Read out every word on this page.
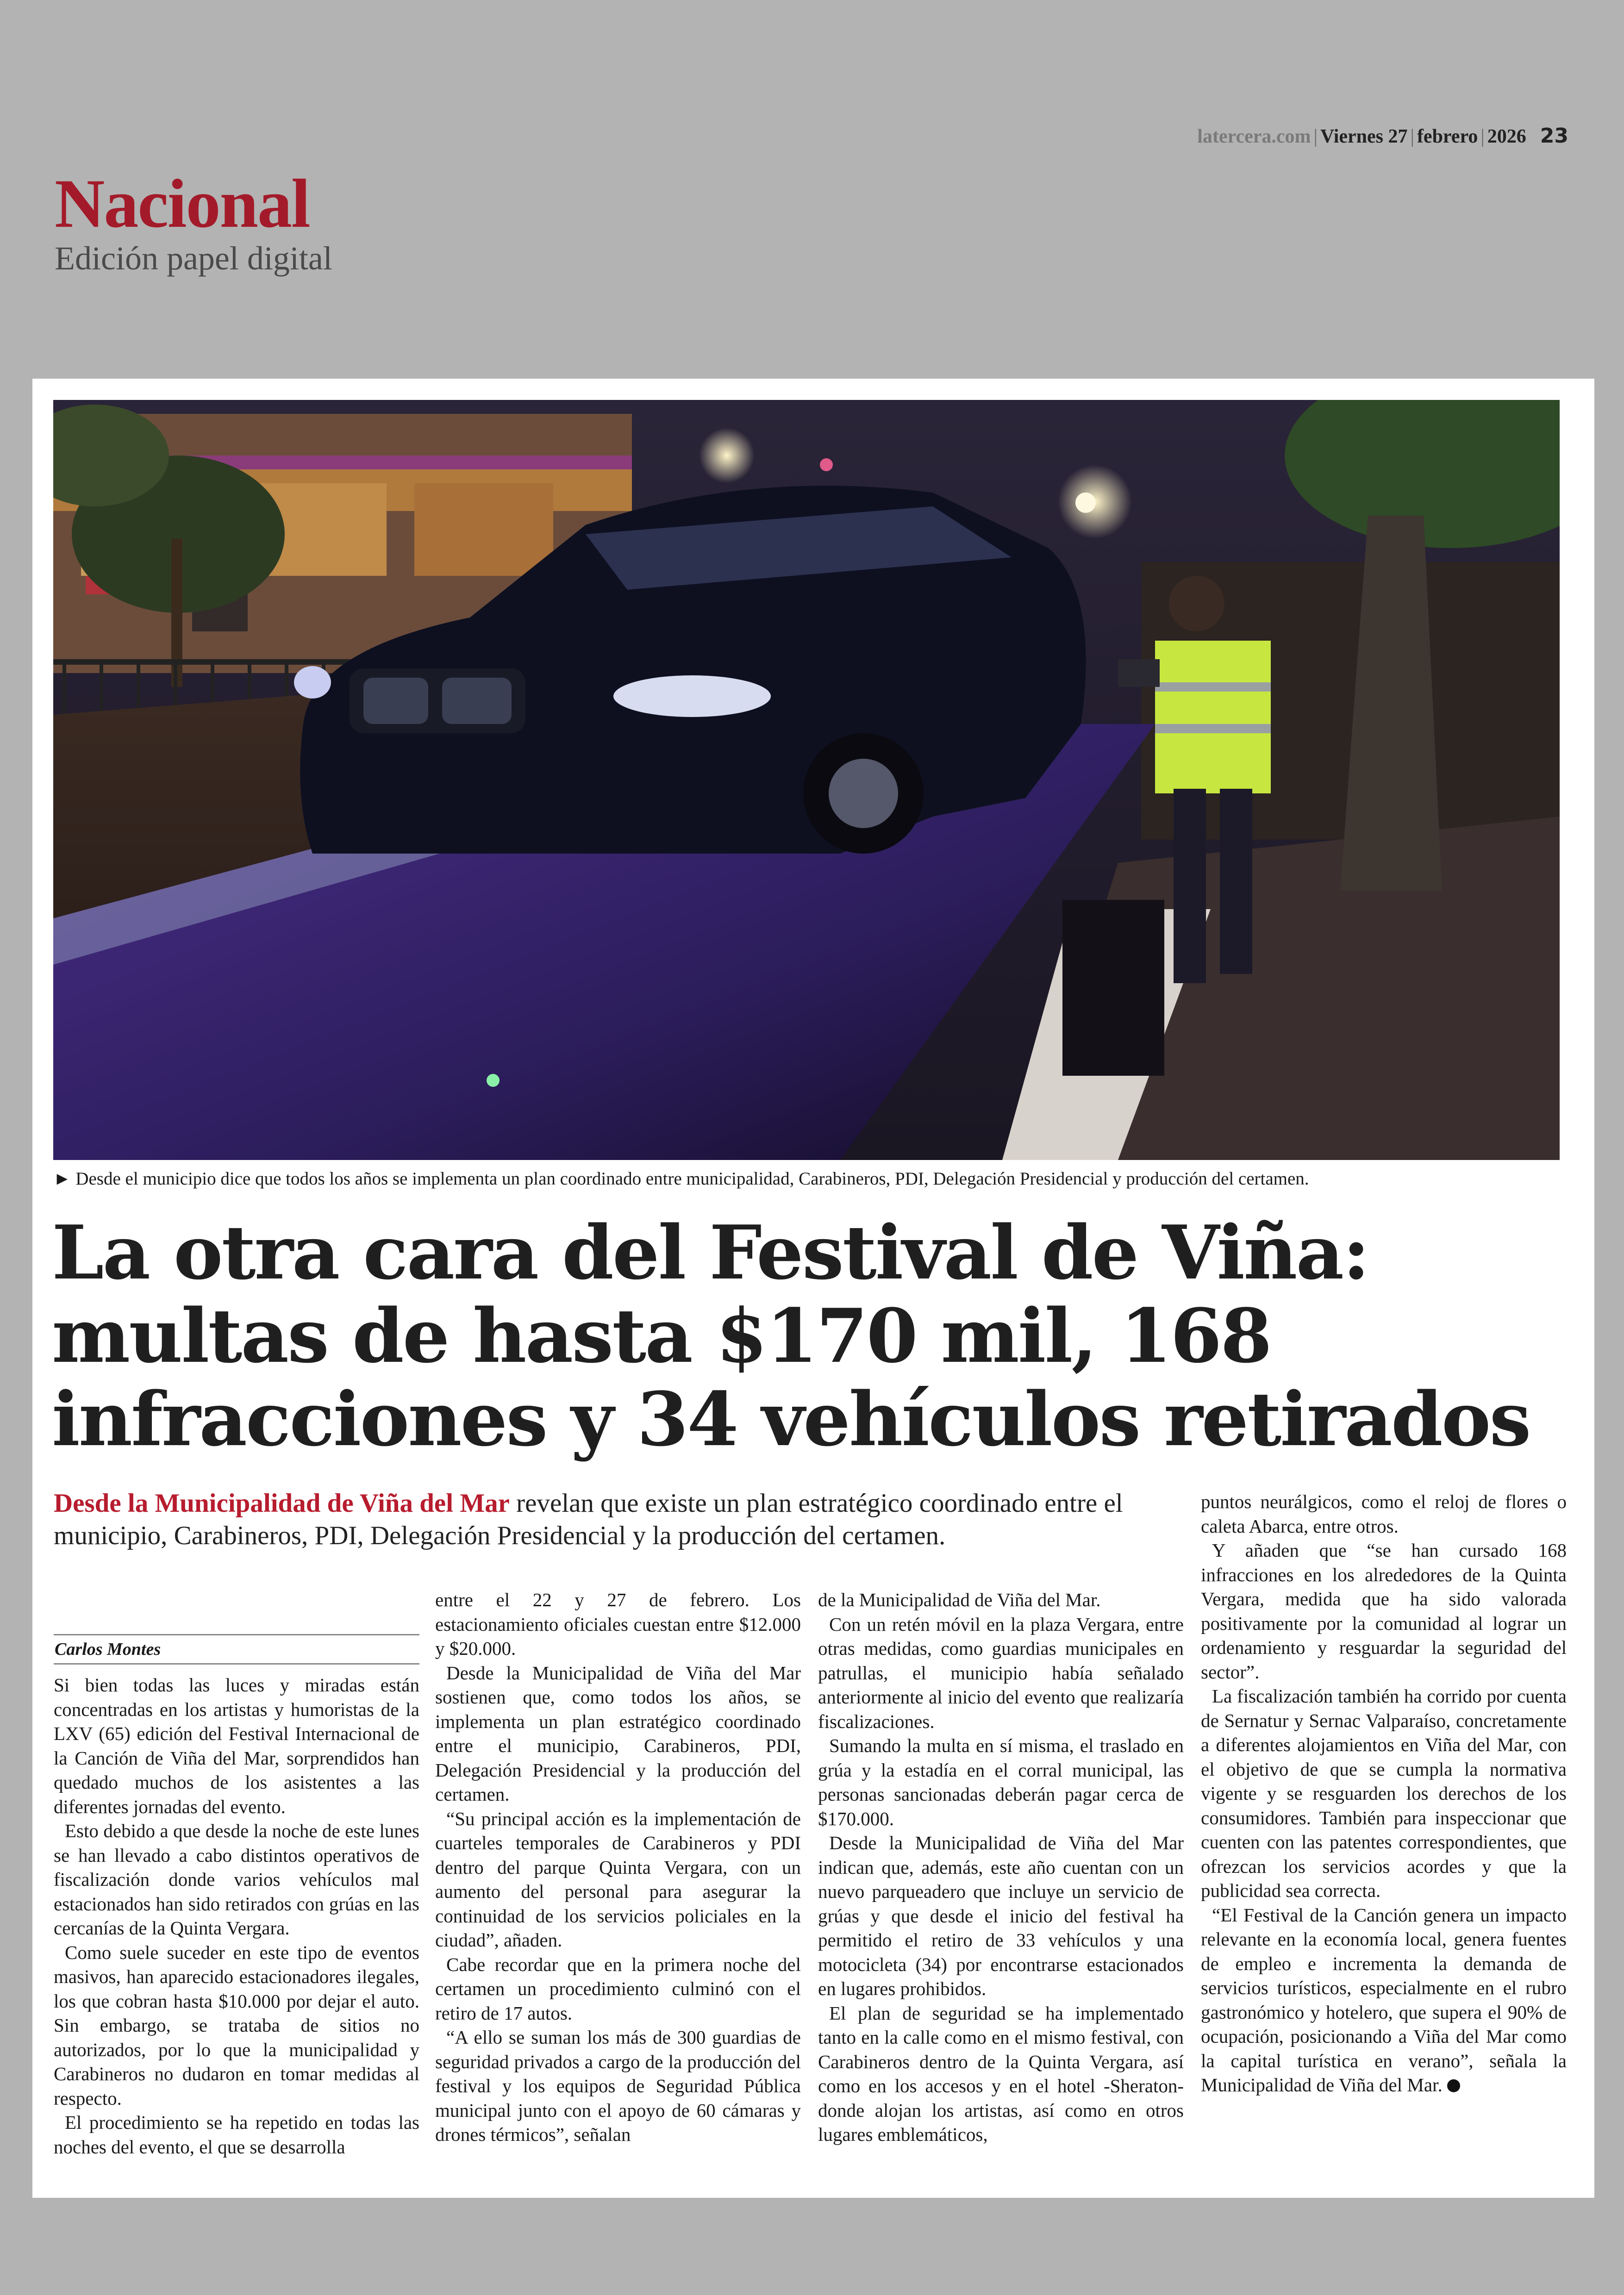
latercera.com | Viernes 27 | febrero | 2026 23
Nacional
Edición papel digital
► Desde el municipio dice que todos los años se implementa un plan coordinado entre municipalidad, Carabineros, PDI, Delegación Presidencial y producción del certamen.
La otra cara del Festival de Viña: multas de hasta $170 mil, 168 infracciones y 34 vehículos retirados
Desde la Municipalidad de Viña del Mar revelan que existe un plan estratégico coordinado entre el municipio, Carabineros, PDI, Delegación Presidencial y la producción del certamen.
Carlos Montes

Si bien todas las luces y miradas están concentradas en los artistas y humoristas de la LXV (65) edición del Festival Internacional de la Canción de Viña del Mar, sorprendidos han quedado muchos de los asistentes a las diferentes jornadas del evento.

Esto debido a que desde la noche de este lunes se han llevado a cabo distintos operativos de fiscalización donde varios vehículos mal estacionados han sido retirados con grúas en las cercanías de la Quinta Vergara.

Como suele suceder en este tipo de eventos masivos, han aparecido estacionadores ilegales, los que cobran hasta $10.000 por dejar el auto. Sin embargo, se trataba de sitios no autorizados, por lo que la municipalidad y Carabineros no dudaron en tomar medidas al respecto.

El procedimiento se ha repetido en todas las noches del evento, el que se desarrolla

entre el 22 y 27 de febrero. Los estacionamiento oficiales cuestan entre $12.000 y $20.000.

Desde la Municipalidad de Viña del Mar sostienen que, como todos los años, se implementa un plan estratégico coordinado entre el municipio, Carabineros, PDI, Delegación Presidencial y la producción del certamen.

“Su principal acción es la implementación de cuarteles temporales de Carabineros y PDI dentro del parque Quinta Vergara, con un aumento del personal para asegurar la continuidad de los servicios policiales en la ciudad”, añaden.

Cabe recordar que en la primera noche del certamen un procedimiento culminó con el retiro de 17 autos.

“A ello se suman los más de 300 guardias de seguridad privados a cargo de la producción del festival y los equipos de Seguridad Pública municipal junto con el apoyo de 60 cámaras y drones térmicos”, señalan

de la Municipalidad de Viña del Mar.

Con un retén móvil en la plaza Vergara, entre otras medidas, como guardias municipales en patrullas, el municipio había señalado anteriormente al inicio del evento que realizaría fiscalizaciones.

Sumando la multa en sí misma, el traslado en grúa y la estadía en el corral municipal, las personas sancionadas deberán pagar cerca de $170.000.

Desde la Municipalidad de Viña del Mar indican que, además, este año cuentan con un nuevo parqueadero que incluye un servicio de grúas y que desde el inicio del festival ha permitido el retiro de 33 vehículos y una motocicleta (34) por encontrarse estacionados en lugares prohibidos.

El plan de seguridad se ha implementado tanto en la calle como en el mismo festival, con Carabineros dentro de la Quinta Vergara, así como en los accesos y en el hotel -Sheraton- donde alojan los artistas, así como en otros lugares emblemáticos,

puntos neurálgicos, como el reloj de flores o caleta Abarca, entre otros.

Y añaden que “se han cursado 168 infracciones en los alrededores de la Quinta Vergara, medida que ha sido valorada positivamente por la comunidad al lograr un ordenamiento y resguardar la seguridad del sector”.

La fiscalización también ha corrido por cuenta de Sernatur y Sernac Valparaíso, concretamente a diferentes alojamientos en Viña del Mar, con el objetivo de que se cumpla la normativa vigente y se resguarden los derechos de los consumidores. También para inspeccionar que cuenten con las patentes correspondientes, que ofrezcan los servicios acordes y que la publicidad sea correcta.

“El Festival de la Canción genera un impacto relevante en la economía local, genera fuentes de empleo e incrementa la demanda de servicios turísticos, especialmente en el rubro gastronómico y hotelero, que supera el 90% de ocupación, posicionando a Viña del Mar como la capital turística en verano”, señala la Municipalidad de Viña del Mar.
